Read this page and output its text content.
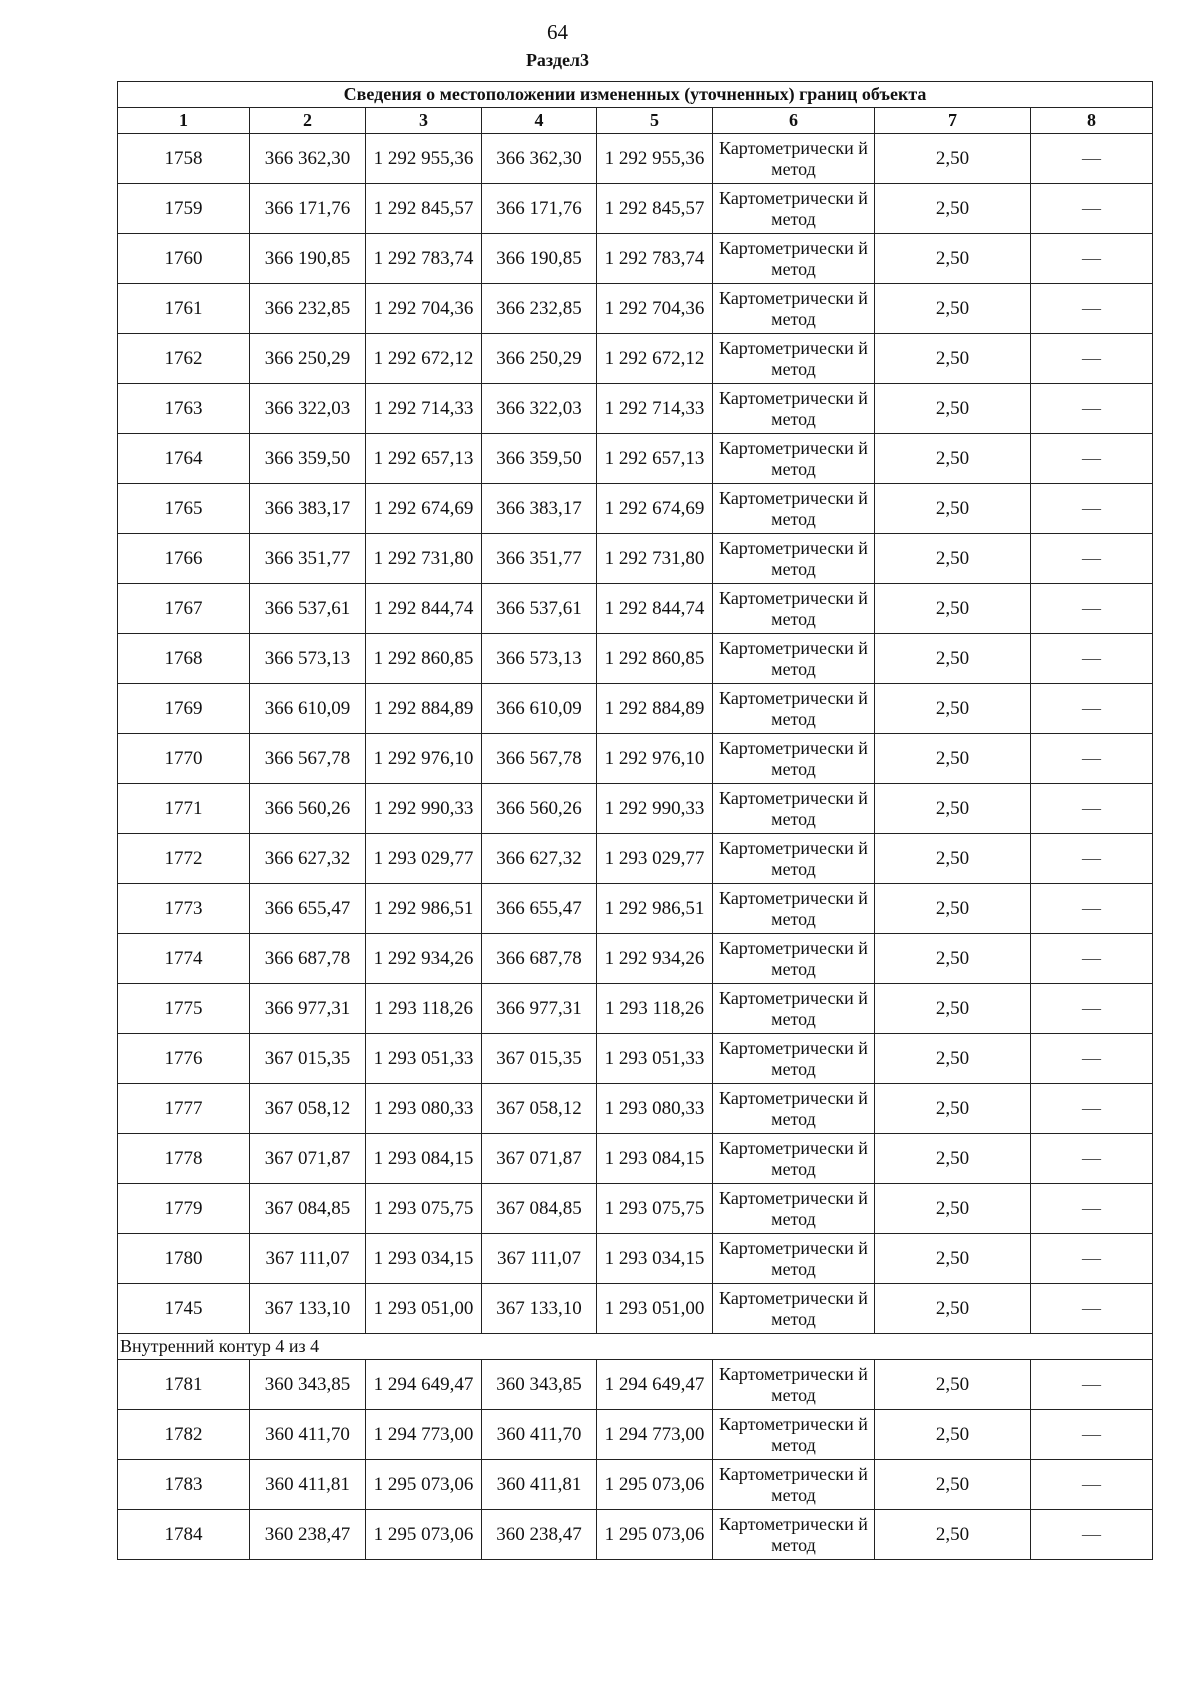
64
Раздел3
Сведения о местоположении измененных (уточненных) границ объекта							
1	2	3	4	5	6	7	8
1758	366 362,30	1 292 955,36	366 362,30	1 292 955,36	Картометрически й метод	2,50	—
1759	366 171,76	1 292 845,57	366 171,76	1 292 845,57	Картометрически й метод	2,50	—
1760	366 190,85	1 292 783,74	366 190,85	1 292 783,74	Картометрически й метод	2,50	—
1761	366 232,85	1 292 704,36	366 232,85	1 292 704,36	Картометрически й метод	2,50	—
1762	366 250,29	1 292 672,12	366 250,29	1 292 672,12	Картометрически й метод	2,50	—
1763	366 322,03	1 292 714,33	366 322,03	1 292 714,33	Картометрически й метод	2,50	—
1764	366 359,50	1 292 657,13	366 359,50	1 292 657,13	Картометрически й метод	2,50	—
1765	366 383,17	1 292 674,69	366 383,17	1 292 674,69	Картометрически й метод	2,50	—
1766	366 351,77	1 292 731,80	366 351,77	1 292 731,80	Картометрически й метод	2,50	—
1767	366 537,61	1 292 844,74	366 537,61	1 292 844,74	Картометрически й метод	2,50	—
1768	366 573,13	1 292 860,85	366 573,13	1 292 860,85	Картометрически й метод	2,50	—
1769	366 610,09	1 292 884,89	366 610,09	1 292 884,89	Картометрически й метод	2,50	—
1770	366 567,78	1 292 976,10	366 567,78	1 292 976,10	Картометрически й метод	2,50	—
1771	366 560,26	1 292 990,33	366 560,26	1 292 990,33	Картометрически й метод	2,50	—
1772	366 627,32	1 293 029,77	366 627,32	1 293 029,77	Картометрически й метод	2,50	—
1773	366 655,47	1 292 986,51	366 655,47	1 292 986,51	Картометрически й метод	2,50	—
1774	366 687,78	1 292 934,26	366 687,78	1 292 934,26	Картометрически й метод	2,50	—
1775	366 977,31	1 293 118,26	366 977,31	1 293 118,26	Картометрически й метод	2,50	—
1776	367 015,35	1 293 051,33	367 015,35	1 293 051,33	Картометрически й метод	2,50	—
1777	367 058,12	1 293 080,33	367 058,12	1 293 080,33	Картометрически й метод	2,50	—
1778	367 071,87	1 293 084,15	367 071,87	1 293 084,15	Картометрически й метод	2,50	—
1779	367 084,85	1 293 075,75	367 084,85	1 293 075,75	Картометрически й метод	2,50	—
1780	367 111,07	1 293 034,15	367 111,07	1 293 034,15	Картометрически й метод	2,50	—
1745	367 133,10	1 293 051,00	367 133,10	1 293 051,00	Картометрически й метод	2,50	—
Внутренний контур 4 из 4							
1781	360 343,85	1 294 649,47	360 343,85	1 294 649,47	Картометрически й метод	2,50	—
1782	360 411,70	1 294 773,00	360 411,70	1 294 773,00	Картометрически й метод	2,50	—
1783	360 411,81	1 295 073,06	360 411,81	1 295 073,06	Картометрически й метод	2,50	—
1784	360 238,47	1 295 073,06	360 238,47	1 295 073,06	Картометрически й метод	2,50	—
